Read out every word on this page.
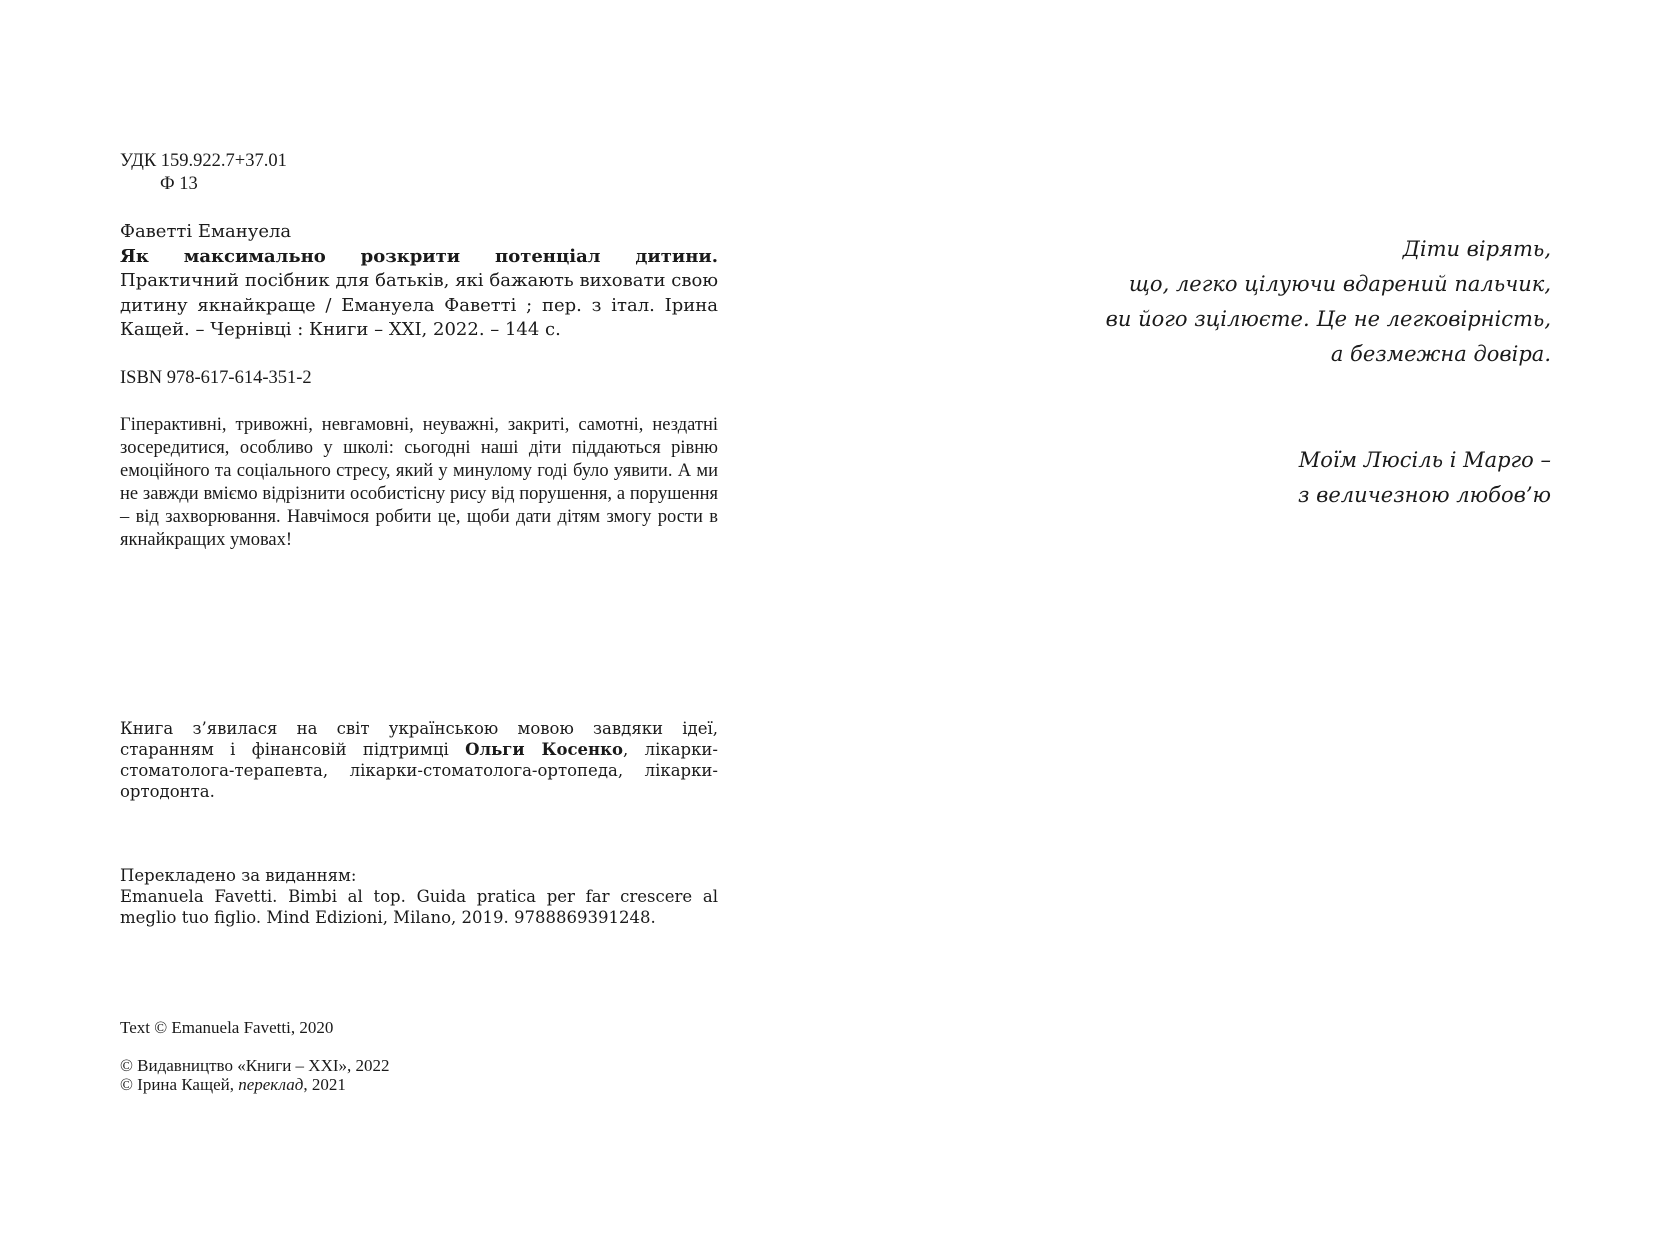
УДК 159.922.7+37.01

Ф 13

Фаветті Емануела

Як максимально розкрити потенціал дитини. Практичний посібник для батьків, які бажають виховати свою дитину якнайкраще / Емануела Фаветті ; пер. з італ. Ірина Кащей. – Чернівці : Книги – XXI, 2022. – 144 с.

ISBN 978-617-614-351-2

Гіперактивні, тривожні, невгамовні, неуважні, закриті, самотні, нездатні зосередитися, особливо у школі: сьогодні наші діти піддаються рівню емоційного та соціального стресу, який у минулому годі було уявити. А ми не завжди вміємо відрізнити особистісну рису від порушення, а порушення – від захворювання. Навчімося робити це, щоби дати дітям змогу рости в якнайкращих умовах!

Книга з’явилася на світ українською мовою завдяки ідеї, старанням і фінансовій підтримці Ольги Косенко, лікарки-стоматолога-терапевта, лікарки-стоматолога-ортопеда, лікарки-ортодонта.

Перекладено за виданням:

Emanuela Favetti. Bimbi al top. Guida pratica per far crescere al meglio tuo figlio. Mind Edizioni, Milano, 2019. 9788869391248.

Text © Emanuela Favetti, 2020

© Видавництво «Книги – XXI», 2022

© Ірина Кащей, переклад, 2021

Діти вірять,

що, легко цілуючи вдарений пальчик,

ви його зцілюєте. Це не легковірність,

а безмежна довіра.

Моїм Люсіль і Марго –

з величезною любов’ю
